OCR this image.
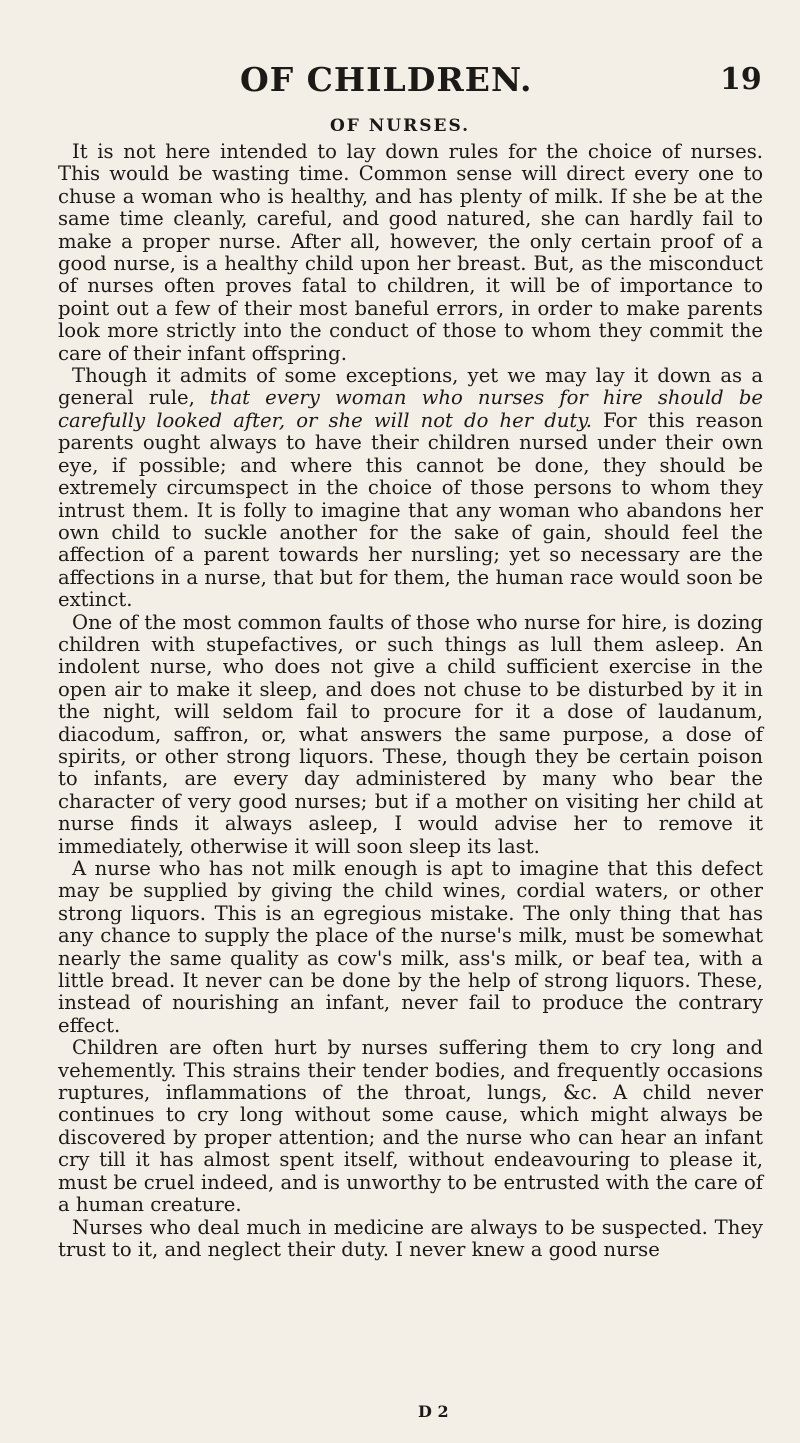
OF CHILDREN.	19
OF NURSES.

It is not here intended to lay down rules for the choice of nurses. This would be wasting time. Common sense will direct every one to chuse a woman who is healthy, and has plenty of milk. If she be at the same time cleanly, careful, and good natured, she can hardly fail to make a proper nurse. After all, however, the only certain proof of a good nurse, is a healthy child upon her breast. But, as the misconduct of nurses often proves fatal to children, it will be of importance to point out a few of their most baneful errors, in order to make parents look more strictly into the conduct of those to whom they commit the care of their infant offspring.

Though it admits of some exceptions, yet we may lay it down as a general rule, that every woman who nurses for hire should be carefully looked after, or she will not do her duty. For this reason parents ought always to have their children nursed under their own eye, if possible; and where this cannot be done, they should be extremely circumspect in the choice of those persons to whom they intrust them. It is folly to imagine that any woman who abandons her own child to suckle another for the sake of gain, should feel the affection of a parent towards her nursling; yet so necessary are the affections in a nurse, that but for them, the human race would soon be extinct.

One of the most common faults of those who nurse for hire, is dozing children with stupefactives, or such things as lull them asleep. An indolent nurse, who does not give a child sufficient exercise in the open air to make it sleep, and does not chuse to be disturbed by it in the night, will seldom fail to procure for it a dose of laudanum, diacodum, saffron, or, what answers the same purpose, a dose of spirits, or other strong liquors. These, though they be certain poison to infants, are every day administered by many who bear the character of very good nurses; but if a mother on visiting her child at nurse finds it always asleep, I would advise her to remove it immediately, otherwise it will soon sleep its last.

A nurse who has not milk enough is apt to imagine that this defect may be supplied by giving the child wines, cordial waters, or other strong liquors. This is an egregious mistake. The only thing that has any chance to supply the place of the nurse's milk, must be somewhat nearly the same quality as cow's milk, ass's milk, or beaf tea, with a little bread. It never can be done by the help of strong liquors. These, instead of nourishing an infant, never fail to produce the contrary effect.

Children are often hurt by nurses suffering them to cry long and vehemently. This strains their tender bodies, and frequently occasions ruptures, inflammations of the throat, lungs, &c. A child never continues to cry long without some cause, which might always be discovered by proper attention; and the nurse who can hear an infant cry till it has almost spent itself, without endeavouring to please it, must be cruel indeed, and is unworthy to be entrusted with the care of a human creature.

Nurses who deal much in medicine are always to be suspected. They trust to it, and neglect their duty. I never knew a good nurse

D 2
